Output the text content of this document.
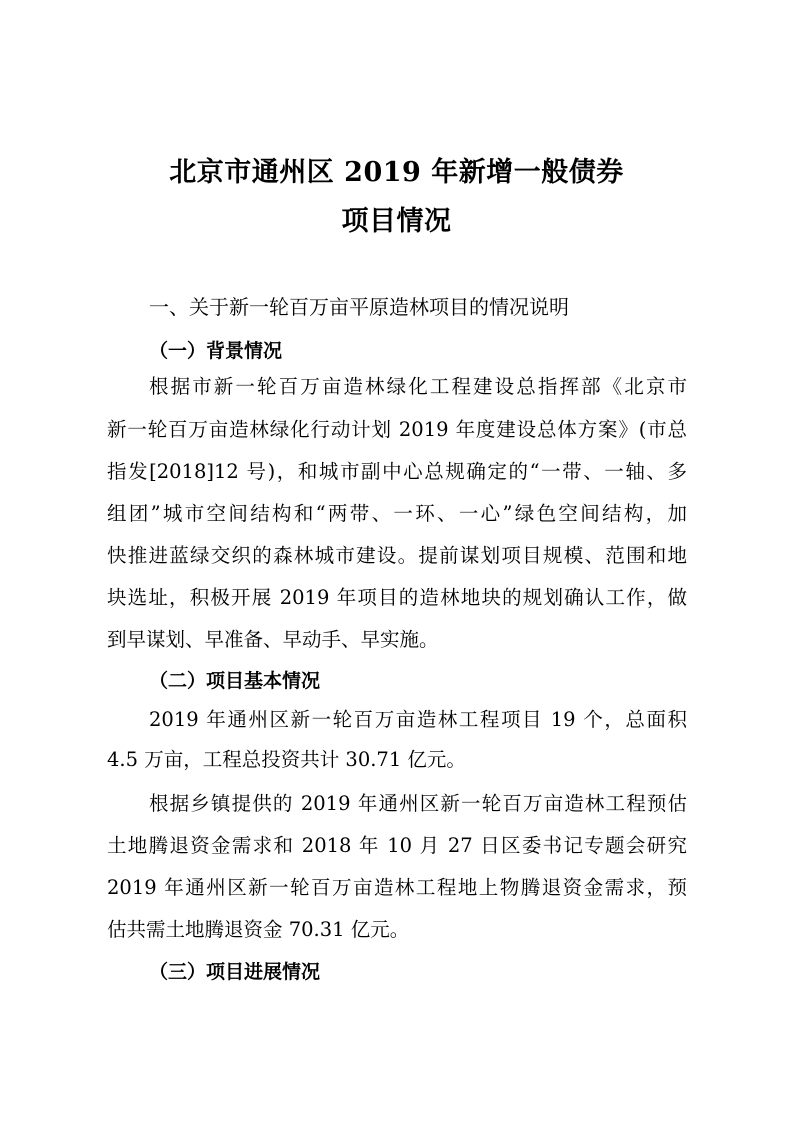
北京市通州区 2019 年新增一般债券
项目情况

一、关于新一轮百万亩平原造林项目的情况说明

（一）背景情况

根据市新一轮百万亩造林绿化工程建设总指挥部《北京市

新一轮百万亩造林绿化行动计划 2019 年度建设总体方案》(市总

指发[2018]12 号)，和城市副中心总规确定的“一带、一轴、多

组团”城市空间结构和“两带、一环、一心”绿色空间结构，加

快推进蓝绿交织的森林城市建设。提前谋划项目规模、范围和地

块选址，积极开展 2019 年项目的造林地块的规划确认工作，做

到早谋划、早准备、早动手、早实施。

（二）项目基本情况

2019 年通州区新一轮百万亩造林工程项目 19 个，总面积

4.5 万亩，工程总投资共计 30.71 亿元。

根据乡镇提供的 2019 年通州区新一轮百万亩造林工程预估

土地腾退资金需求和 2018 年 10 月 27 日区委书记专题会研究

2019 年通州区新一轮百万亩造林工程地上物腾退资金需求，预

估共需土地腾退资金 70.31 亿元。

（三）项目进展情况
